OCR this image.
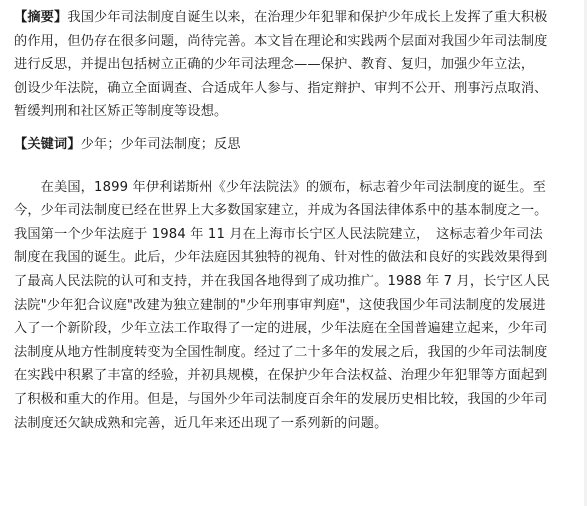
【摘要】我国少年司法制度自诞生以来，在治理少年犯罪和保护少年成长上发挥了重大积极
的作用，但仍存在很多问题，尚待完善。本文旨在理论和实践两个层面对我国少年司法制度
进行反思，并提出包括树立正确的少年司法理念——保护、教育、复归，加强少年立法，
创设少年法院，确立全面调查、合适成年人参与、指定辩护、审判不公开、刑事污点取消、
暂缓判刑和社区矫正等制度等设想。
【关键词】少年；少年司法制度；反思
　　在美国，1899 年伊利诺斯州《少年法院法》的颁布，标志着少年司法制度的诞生。至
今，少年司法制度已经在世界上大多数国家建立，并成为各国法律体系中的基本制度之一。
我国第一个少年法庭于 1984 年 11 月在上海市长宁区人民法院建立，　这标志着少年司法
制度在我国的诞生。此后，少年法庭因其独特的视角、针对性的做法和良好的实践效果得到
了最高人民法院的认可和支持，并在我国各地得到了成功推广。1988 年 7 月，长宁区人民
法院"少年犯合议庭"改建为独立建制的"少年刑事审判庭"，这使我国少年司法制度的发展进
入了一个新阶段，少年立法工作取得了一定的进展，少年法庭在全国普遍建立起来，少年司
法制度从地方性制度转变为全国性制度。经过了二十多年的发展之后，我国的少年司法制度
在实践中积累了丰富的经验，并初具规模，在保护少年合法权益、治理少年犯罪等方面起到
了积极和重大的作用。但是，与国外少年司法制度百余年的发展历史相比较，我国的少年司
法制度还欠缺成熟和完善，近几年来还出现了一系列新的问题。
